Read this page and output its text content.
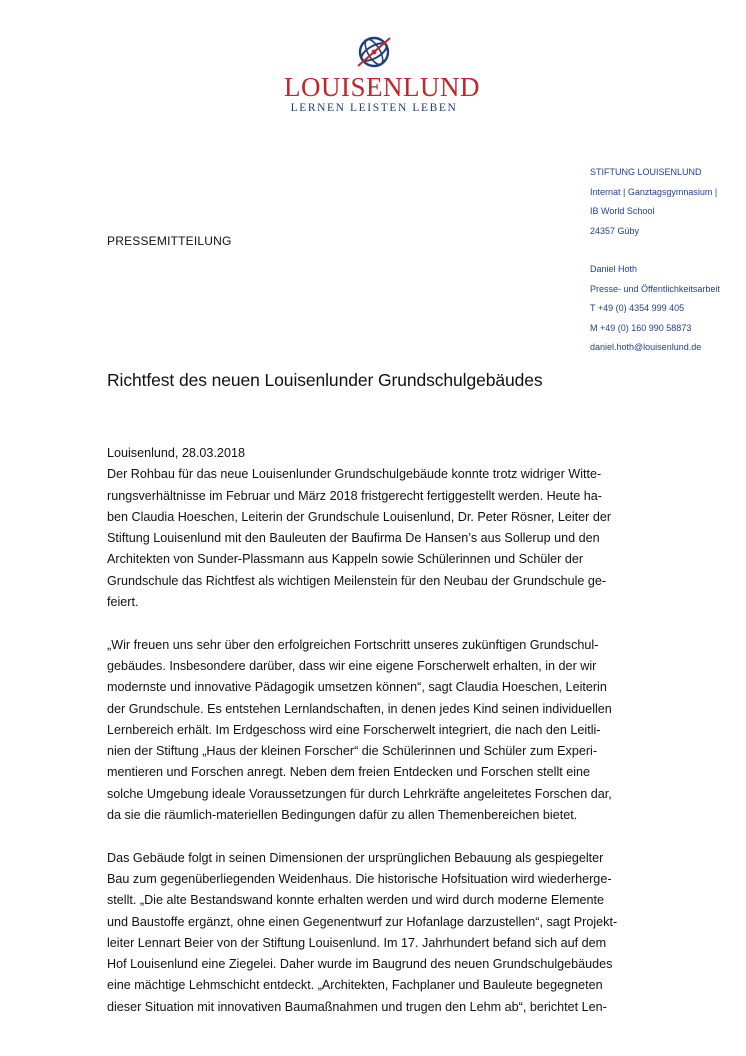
LOUISENLUND
LERNEN LEISTEN LEBEN
STIFTUNG LOUISENLUND
Internat | Ganztagsgymnasium |
IB World School
24357 Güby
Daniel Hoth
Presse- und Öffentlichkeitsarbeit
T +49 (0) 4354 999 405
M +49 (0) 160 990 58873
daniel.hoth@louisenlund.de
PRESSEMITTEILUNG
Richtfest des neuen Louisenlunder Grundschulgebäudes
Louisenlund, 28.03.2018

Der Rohbau für das neue Louisenlunder Grundschulgebäude konnte trotz widriger Witte-
rungsverhältnisse im Februar und März 2018 fristgerecht fertiggestellt werden. Heute ha-
ben Claudia Hoeschen, Leiterin der Grundschule Louisenlund, Dr. Peter Rösner, Leiter der
Stiftung Louisenlund mit den Bauleuten der Baufirma De Hansen’s aus Sollerup und den
Architekten von Sunder-Plassmann aus Kappeln sowie Schülerinnen und Schüler der
Grundschule das Richtfest als wichtigen Meilenstein für den Neubau der Grundschule ge-
feiert.

„Wir freuen uns sehr über den erfolgreichen Fortschritt unseres zukünftigen Grundschul-
gebäudes. Insbesondere darüber, dass wir eine eigene Forscherwelt erhalten, in der wir
modernste und innovative Pädagogik umsetzen können“, sagt Claudia Hoeschen, Leiterin
der Grundschule. Es entstehen Lernlandschaften, in denen jedes Kind seinen individuellen
Lernbereich erhält. Im Erdgeschoss wird eine Forscherwelt integriert, die nach den Leitli-
nien der Stiftung „Haus der kleinen Forscher“ die Schülerinnen und Schüler zum Experi-
mentieren und Forschen anregt. Neben dem freien Entdecken und Forschen stellt eine
solche Umgebung ideale Voraussetzungen für durch Lehrkräfte angeleitetes Forschen dar,
da sie die räumlich-materiellen Bedingungen dafür zu allen Themenbereichen bietet.

Das Gebäude folgt in seinen Dimensionen der ursprünglichen Bebauung als gespiegelter
Bau zum gegenüberliegenden Weidenhaus. Die historische Hofsituation wird wiederherge-
stellt. „Die alte Bestandswand konnte erhalten werden und wird durch moderne Elemente
und Baustoffe ergänzt, ohne einen Gegenentwurf zur Hofanlage darzustellen“, sagt Projekt-
leiter Lennart Beier von der Stiftung Louisenlund. Im 17. Jahrhundert befand sich auf dem
Hof Louisenlund eine Ziegelei. Daher wurde im Baugrund des neuen Grundschulgebäudes
eine mächtige Lehmschicht entdeckt. „Architekten, Fachplaner und Bauleute begegneten
dieser Situation mit innovativen Baumaßnahmen und trugen den Lehm ab“, berichtet Len-
